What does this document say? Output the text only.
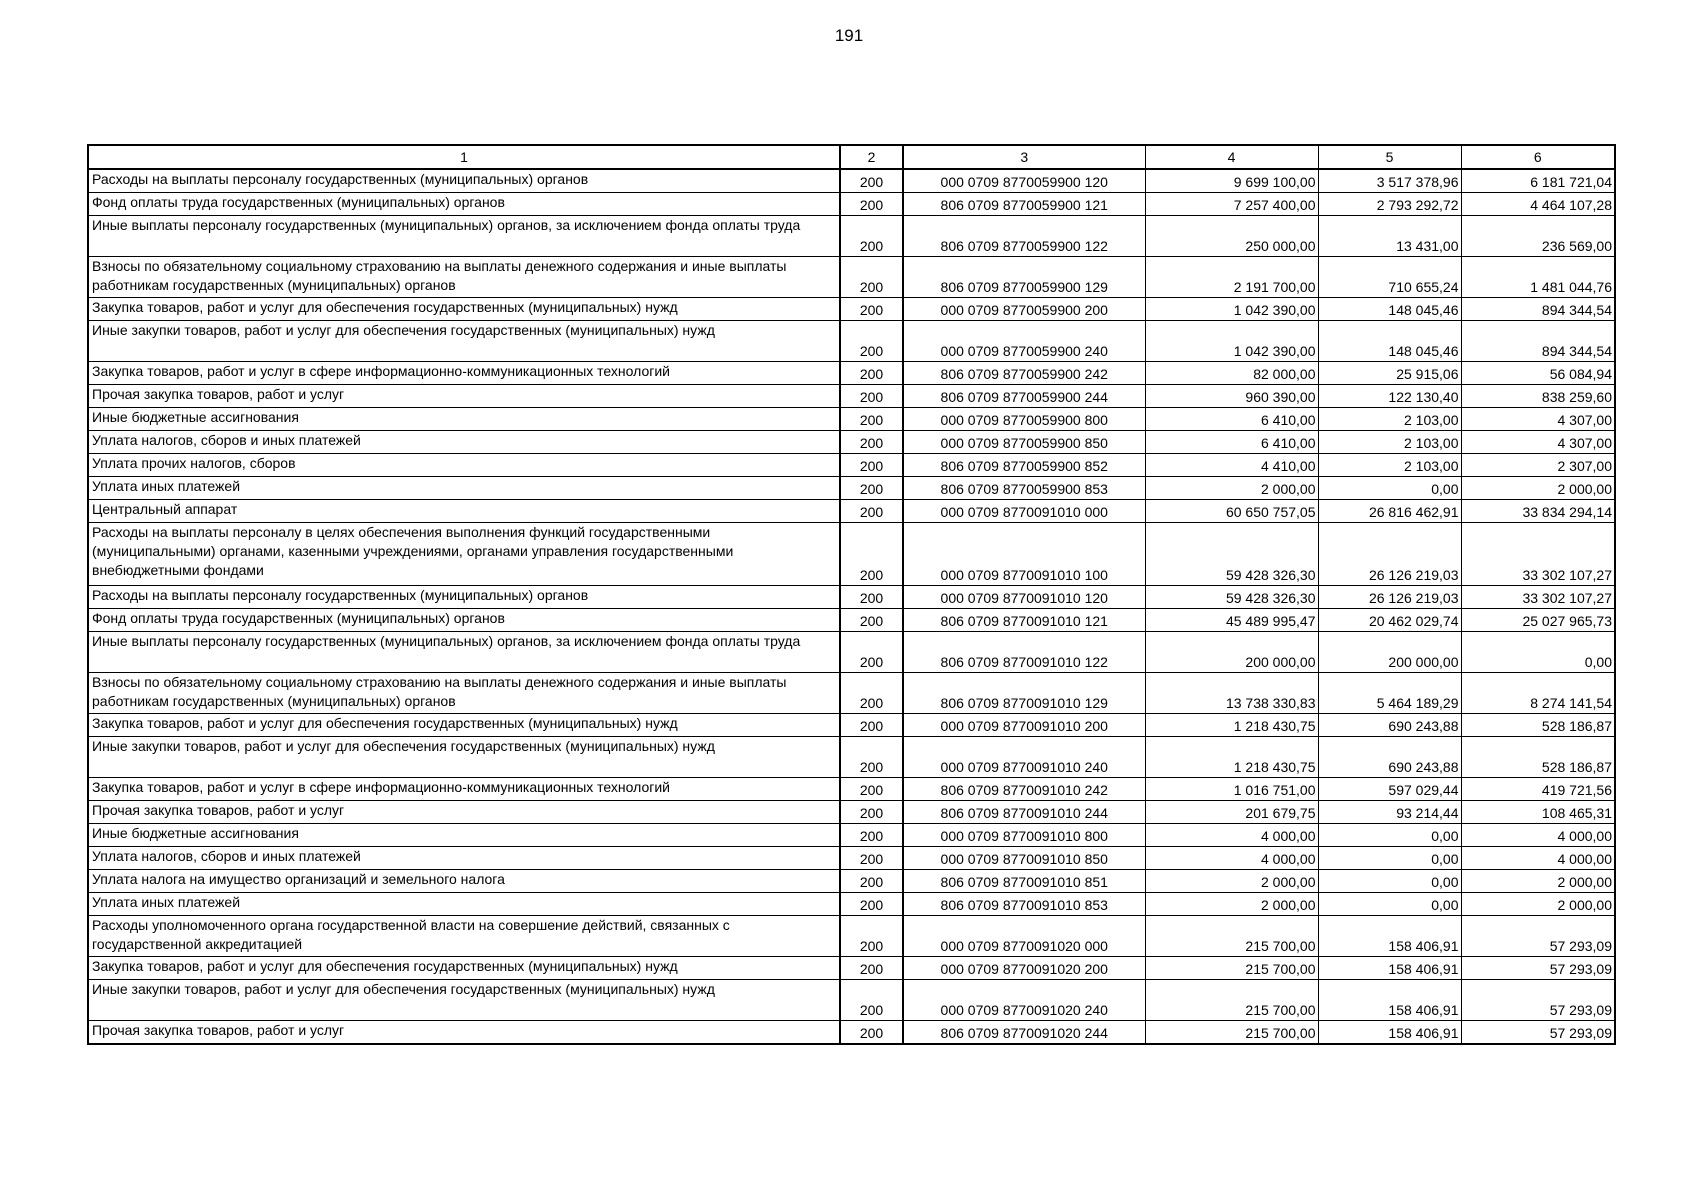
191
1	2	3	4	5	6
Расходы на выплаты персоналу государственных (муниципальных) органов	200	000 0709 8770059900 120	9 699 100,00	3 517 378,96	6 181 721,04
Фонд оплаты труда государственных (муниципальных) органов	200	806 0709 8770059900 121	7 257 400,00	2 793 292,72	4 464 107,28
Иные выплаты персоналу государственных (муниципальных) органов, за исключением фонда оплаты труда	200	806 0709 8770059900 122	250 000,00	13 431,00	236 569,00
Взносы по обязательному социальному страхованию на выплаты денежного содержания и иные выплаты работникам государственных (муниципальных) органов	200	806 0709 8770059900 129	2 191 700,00	710 655,24	1 481 044,76
Закупка товаров, работ и услуг для обеспечения государственных (муниципальных) нужд	200	000 0709 8770059900 200	1 042 390,00	148 045,46	894 344,54
Иные закупки товаров, работ и услуг для обеспечения государственных (муниципальных) нужд	200	000 0709 8770059900 240	1 042 390,00	148 045,46	894 344,54
Закупка товаров, работ и услуг в сфере информационно-коммуникационных технологий	200	806 0709 8770059900 242	82 000,00	25 915,06	56 084,94
Прочая закупка товаров, работ и услуг	200	806 0709 8770059900 244	960 390,00	122 130,40	838 259,60
Иные бюджетные ассигнования	200	000 0709 8770059900 800	6 410,00	2 103,00	4 307,00
Уплата налогов, сборов и иных платежей	200	000 0709 8770059900 850	6 410,00	2 103,00	4 307,00
Уплата прочих налогов, сборов	200	806 0709 8770059900 852	4 410,00	2 103,00	2 307,00
Уплата иных платежей	200	806 0709 8770059900 853	2 000,00	0,00	2 000,00
Центральный аппарат	200	000 0709 8770091010 000	60 650 757,05	26 816 462,91	33 834 294,14
Расходы на выплаты персоналу в целях обеспечения выполнения функций государственными (муниципальными) органами, казенными учреждениями, органами управления государственными внебюджетными фондами	200	000 0709 8770091010 100	59 428 326,30	26 126 219,03	33 302 107,27
Расходы на выплаты персоналу государственных (муниципальных) органов	200	000 0709 8770091010 120	59 428 326,30	26 126 219,03	33 302 107,27
Фонд оплаты труда государственных (муниципальных) органов	200	806 0709 8770091010 121	45 489 995,47	20 462 029,74	25 027 965,73
Иные выплаты персоналу государственных (муниципальных) органов, за исключением фонда оплаты труда	200	806 0709 8770091010 122	200 000,00	200 000,00	0,00
Взносы по обязательному социальному страхованию на выплаты денежного содержания и иные выплаты работникам государственных (муниципальных) органов	200	806 0709 8770091010 129	13 738 330,83	5 464 189,29	8 274 141,54
Закупка товаров, работ и услуг для обеспечения государственных (муниципальных) нужд	200	000 0709 8770091010 200	1 218 430,75	690 243,88	528 186,87
Иные закупки товаров, работ и услуг для обеспечения государственных (муниципальных) нужд	200	000 0709 8770091010 240	1 218 430,75	690 243,88	528 186,87
Закупка товаров, работ и услуг в сфере информационно-коммуникационных технологий	200	806 0709 8770091010 242	1 016 751,00	597 029,44	419 721,56
Прочая закупка товаров, работ и услуг	200	806 0709 8770091010 244	201 679,75	93 214,44	108 465,31
Иные бюджетные ассигнования	200	000 0709 8770091010 800	4 000,00	0,00	4 000,00
Уплата налогов, сборов и иных платежей	200	000 0709 8770091010 850	4 000,00	0,00	4 000,00
Уплата налога на имущество организаций и земельного налога	200	806 0709 8770091010 851	2 000,00	0,00	2 000,00
Уплата иных платежей	200	806 0709 8770091010 853	2 000,00	0,00	2 000,00
Расходы уполномоченного органа государственной власти на совершение действий, связанных с государственной аккредитацией	200	000 0709 8770091020 000	215 700,00	158 406,91	57 293,09
Закупка товаров, работ и услуг для обеспечения государственных (муниципальных) нужд	200	000 0709 8770091020 200	215 700,00	158 406,91	57 293,09
Иные закупки товаров, работ и услуг для обеспечения государственных (муниципальных) нужд	200	000 0709 8770091020 240	215 700,00	158 406,91	57 293,09
Прочая закупка товаров, работ и услуг	200	806 0709 8770091020 244	215 700,00	158 406,91	57 293,09
